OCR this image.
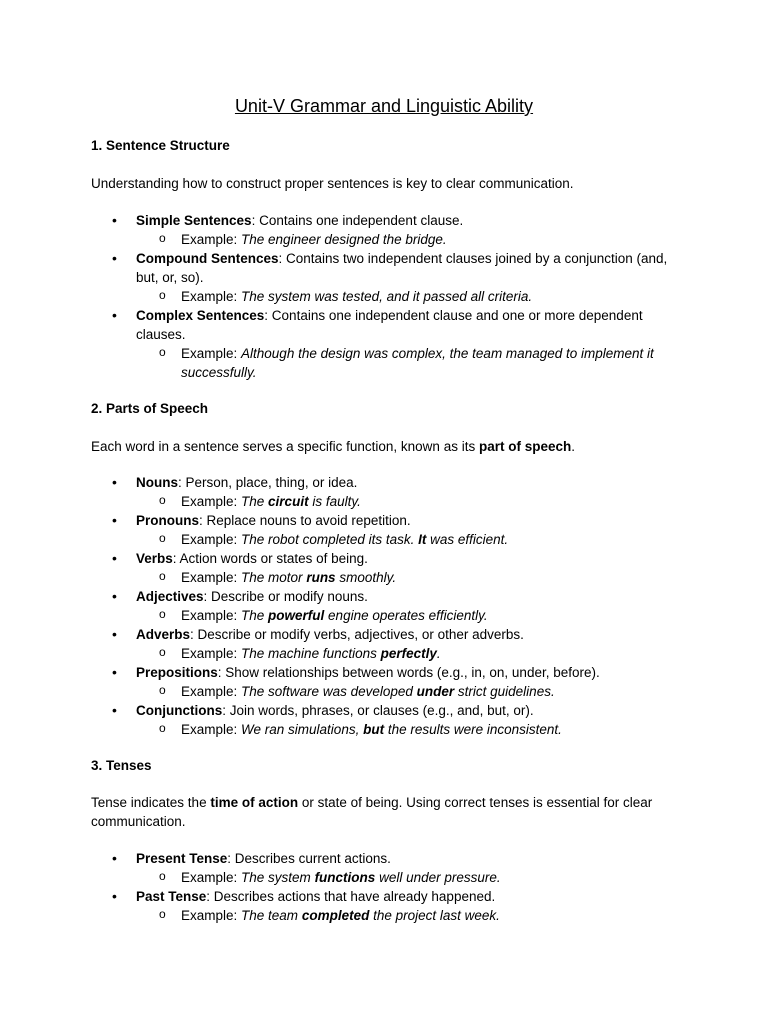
Unit-V Grammar and Linguistic Ability
1. Sentence Structure
Understanding how to construct proper sentences is key to clear communication.
• Simple Sentences: Contains one independent clause.
o Example: The engineer designed the bridge.
• Compound Sentences: Contains two independent clauses joined by a conjunction (and, but, or, so).
o Example: The system was tested, and it passed all criteria.
• Complex Sentences: Contains one independent clause and one or more dependent clauses.
o Example: Although the design was complex, the team managed to implement it successfully.
2. Parts of Speech
Each word in a sentence serves a specific function, known as its part of speech.
• Nouns: Person, place, thing, or idea.
o Example: The circuit is faulty.
• Pronouns: Replace nouns to avoid repetition.
o Example: The robot completed its task. It was efficient.
• Verbs: Action words or states of being.
o Example: The motor runs smoothly.
• Adjectives: Describe or modify nouns.
o Example: The powerful engine operates efficiently.
• Adverbs: Describe or modify verbs, adjectives, or other adverbs.
o Example: The machine functions perfectly.
• Prepositions: Show relationships between words (e.g., in, on, under, before).
o Example: The software was developed under strict guidelines.
• Conjunctions: Join words, phrases, or clauses (e.g., and, but, or).
o Example: We ran simulations, but the results were inconsistent.
3. Tenses
Tense indicates the time of action or state of being. Using correct tenses is essential for clear communication.
• Present Tense: Describes current actions.
o Example: The system functions well under pressure.
• Past Tense: Describes actions that have already happened.
o Example: The team completed the project last week.
